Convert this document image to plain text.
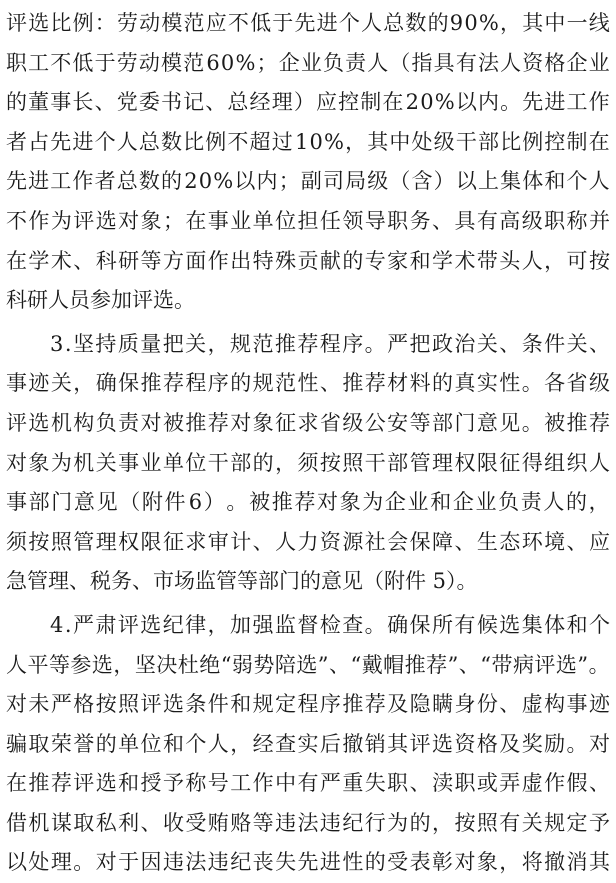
评 选 比 例 ： 劳 动 模 范 应 不 低 于 先 进 个 人 总 数 的 9 0 % ， 其 中 一 线
职 工 不 低 于 劳 动 模 范 6 0 % ； 企 业 负 责 人 （ 指 具 有 法 人 资 格 企 业
的 董 事 长 、 党 委 书 记 、 总 经 理 ） 应 控 制 在 2 0 % 以 内 。 先 进 工 作
者 占 先 进 个 人 总 数 比 例 不 超 过 1 0 % ， 其 中 处 级 干 部 比 例 控 制 在
先 进 工 作 者 总 数 的 2 0 % 以 内 ； 副 司 局 级 （ 含 ） 以 上 集 体 和 个 人
不 作 为 评 选 对 象 ； 在 事 业 单 位 担 任 领 导 职 务 、 具 有 高 级 职 称 并
在 学 术 、 科 研 等 方 面 作 出 特 殊 贡 献 的 专 家 和 学 术 带 头 人 ， 可 按
科研人员参加评选。
3 . 坚 持 质 量 把 关 ， 规 范 推 荐 程 序 。 严 把 政 治 关 、 条 件 关 、
事 迹 关 ， 确 保 推 荐 程 序 的 规 范 性 、 推 荐 材 料 的 真 实 性 。 各 省 级
评 选 机 构 负 责 对 被 推 荐 对 象 征 求 省 级 公 安 等 部 门 意 见 。 被 推 荐
对 象 为 机 关 事 业 单 位 干 部 的 ， 须 按 照 干 部 管 理 权 限 征 得 组 织 人
事 部 门 意 见 （ 附 件 6 ） 。 被 推 荐 对 象 为 企 业 和 企 业 负 责 人 的 ，
须 按 照 管 理 权 限 征 求 审 计 、 人 力 资 源 社 会 保 障 、 生 态 环 境 、 应
急管理、税务、市场监管等部门的意见（附件 5）。
4 . 严 肃 评 选 纪 律 ， 加 强 监 督 检 查 。 确 保 所 有 候 选 集 体 和 个
人 平 等 参 选 ， 坚 决 杜 绝 “ 弱 势 陪 选 ” 、 “ 戴 帽 推 荐 ” 、 “ 带 病 评 选 ” 。
对 未 严 格 按 照 评 选 条 件 和 规 定 程 序 推 荐 及 隐 瞒 身 份 、 虚 构 事 迹
骗 取 荣 誉 的 单 位 和 个 人 ， 经 查 实 后 撤 销 其 评 选 资 格 及 奖 励 。 对
在 推 荐 评 选 和 授 予 称 号 工 作 中 有 严 重 失 职 、 渎 职 或 弄 虚 作 假 、
借 机 谋 取 私 利 、 收 受 贿 赂 等 违 法 违 纪 行 为 的 ， 按 照 有 关 规 定 予
以 处 理 。 对 于 因 违 法 违 纪 丧 失 先 进 性 的 受 表 彰 对 象 ， 将 撤 消 其
